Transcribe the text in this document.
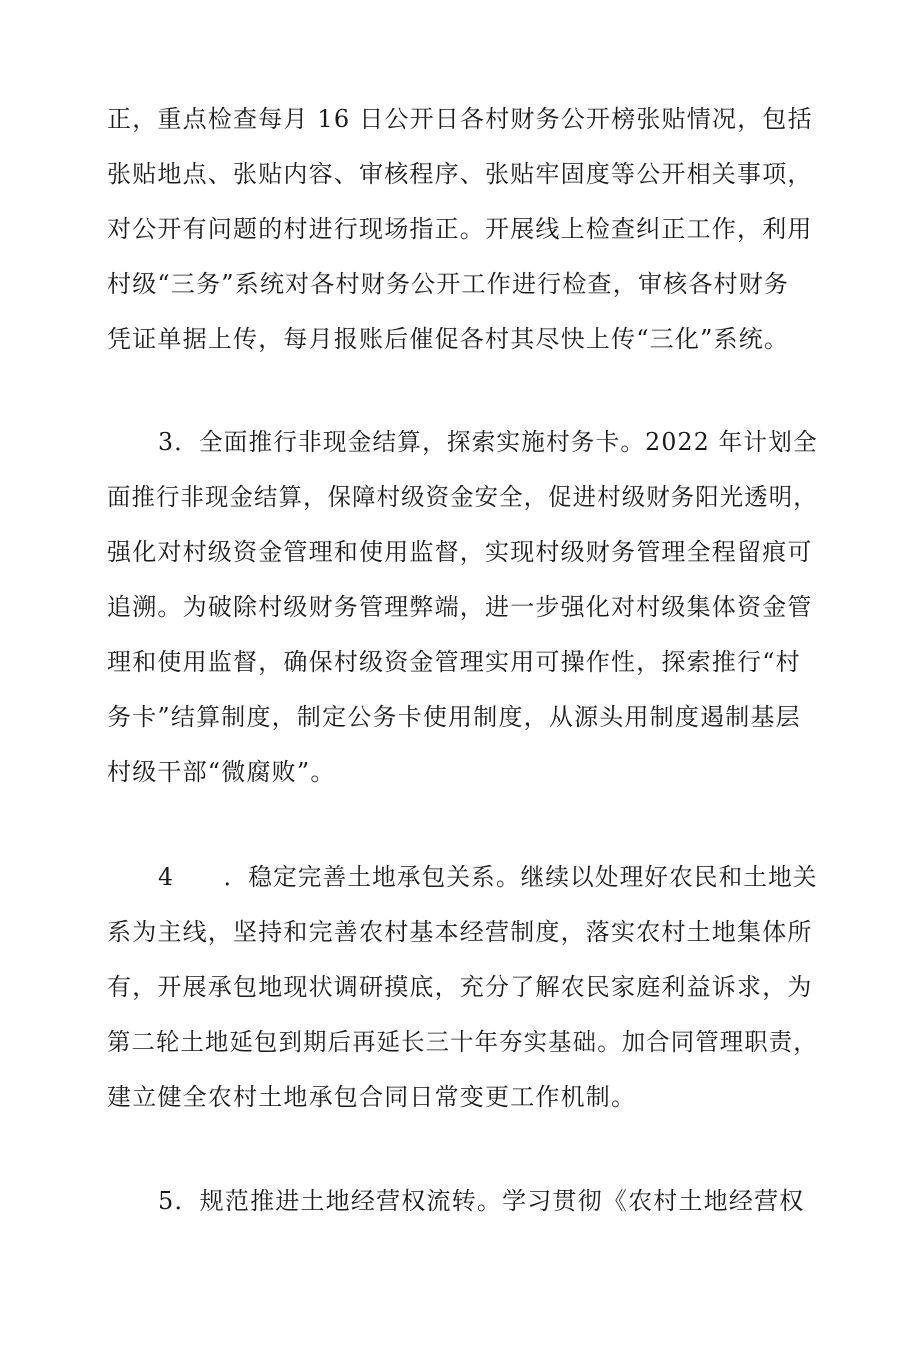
正，重点检查每月 16 日公开日各村财务公开榜张贴情况，包括
张贴地点、张贴内容、审核程序、张贴牢固度等公开相关事项，
对公开有问题的村进行现场指正。开展线上检查纠正工作，利用
村级“三务”系统对各村财务公开工作进行检查，审核各村财务
凭证单据上传，每月报账后催促各村其尽快上传“三化”系统。
3．全面推行非现金结算，探索实施村务卡。2022 年计划全
面推行非现金结算，保障村级资金安全，促进村级财务阳光透明，
强化对村级资金管理和使用监督，实现村级财务管理全程留痕可
追溯。为破除村级财务管理弊端，进一步强化对村级集体资金管
理和使用监督，确保村级资金管理实用可操作性，探索推行“村
务卡”结算制度，制定公务卡使用制度，从源头用制度遏制基层
村级干部“微腐败”。
4　　．稳定完善土地承包关系。继续以处理好农民和土地关
系为主线，坚持和完善农村基本经营制度，落实农村土地集体所
有，开展承包地现状调研摸底，充分了解农民家庭利益诉求，为
第二轮土地延包到期后再延长三十年夯实基础。加合同管理职责，
建立健全农村土地承包合同日常变更工作机制。
5．规范推进土地经营权流转。学习贯彻《农村土地经营权
